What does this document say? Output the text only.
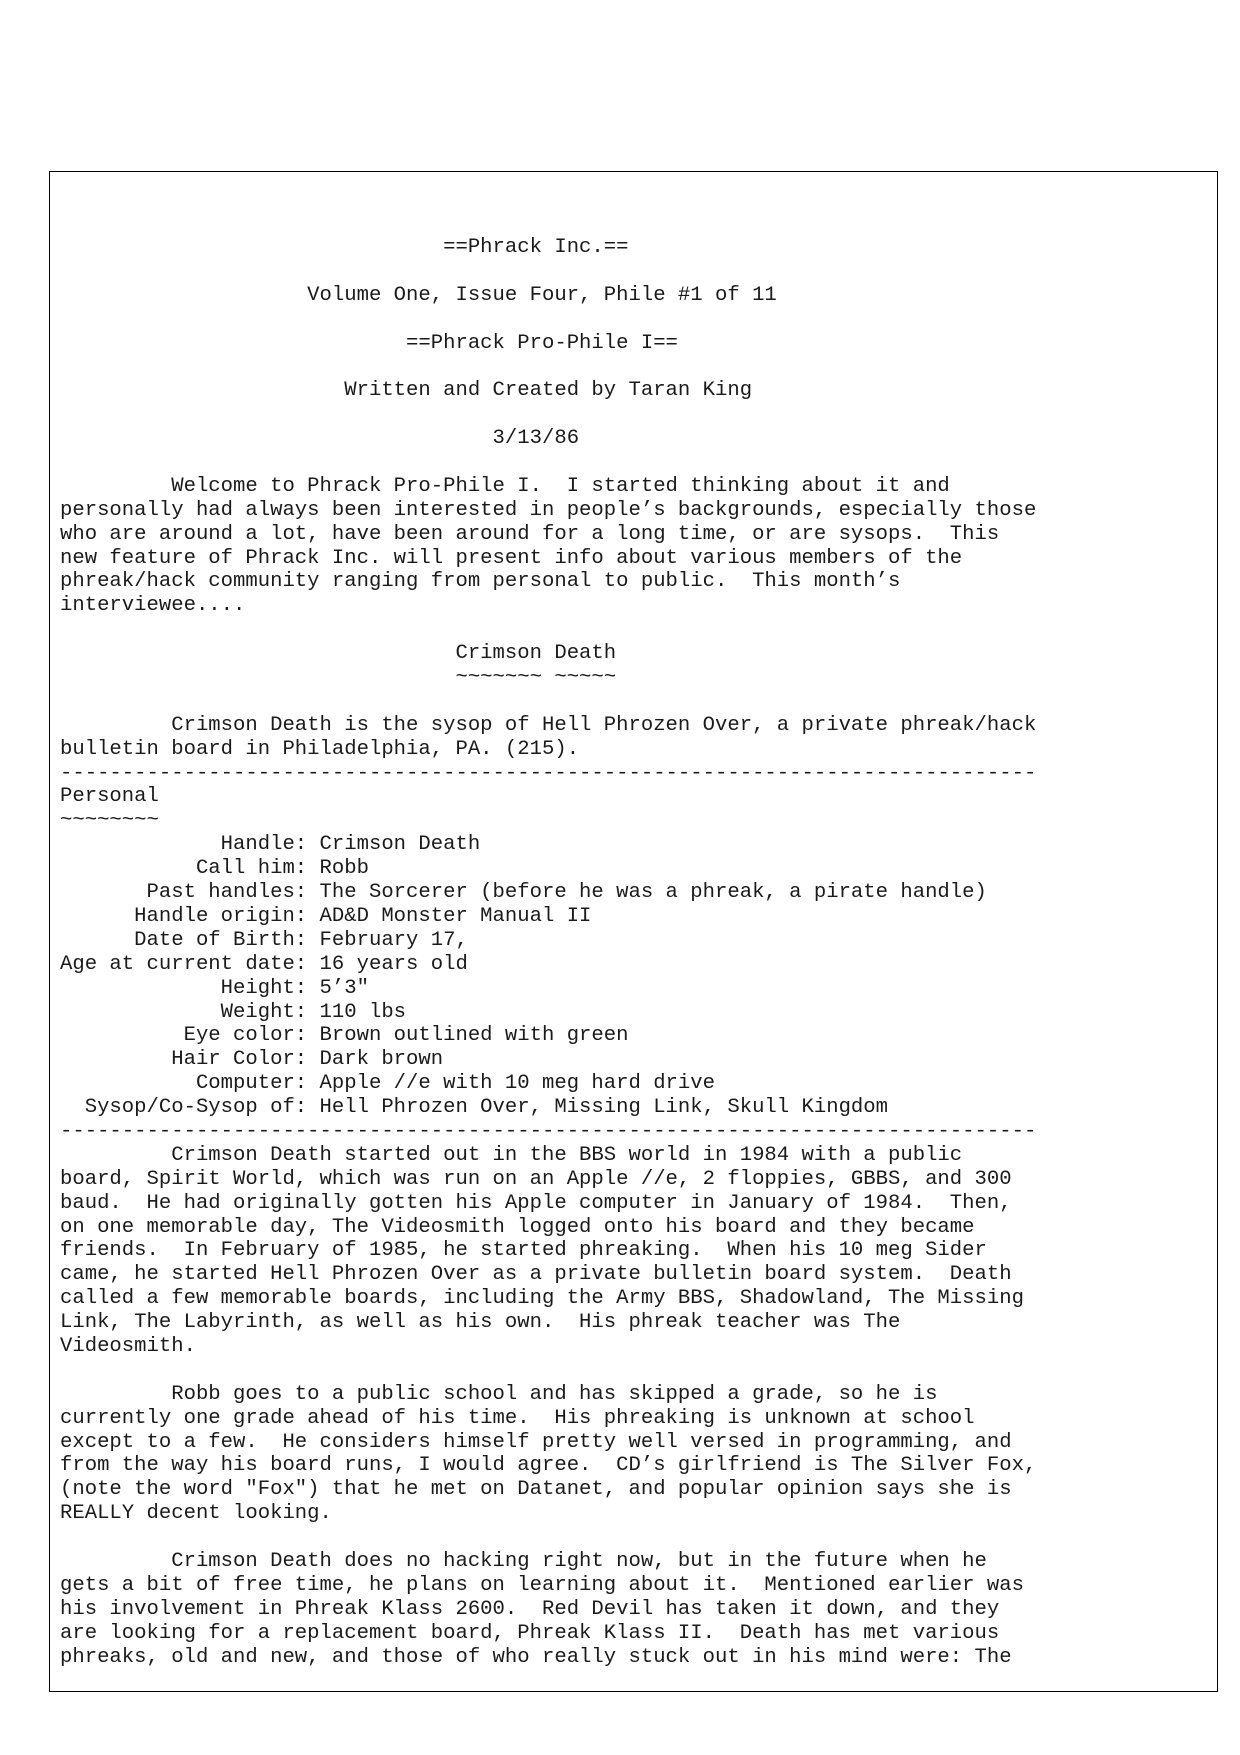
==Phrack Inc.==
Volume One, Issue Four, Phile #1 of 11
==Phrack Pro-Phile I==
Written and Created by Taran King
3/13/86
Welcome to Phrack Pro-Phile I.  I started thinking about it and
personally had always been interested in people’s backgrounds, especially those
who are around a lot, have been around for a long time, or are sysops.  This
new feature of Phrack Inc. will present info about various members of the
phreak/hack community ranging from personal to public.  This month’s
interviewee....
Crimson Death
~~~~~~~ ~~~~~
Crimson Death is the sysop of Hell Phrozen Over, a private phreak/hack
bulletin board in Philadelphia, PA. (215).
-------------------------------------------------------------------------------
Personal
~~~~~~~~
Handle: Crimson Death
Call him: Robb
Past handles: The Sorcerer (before he was a phreak, a pirate handle)
Handle origin: AD&D Monster Manual II
Date of Birth: February 17,
Age at current date: 16 years old
Height: 5’3"
Weight: 110 lbs
Eye color: Brown outlined with green
Hair Color: Dark brown
Computer: Apple //e with 10 meg hard drive
Sysop/Co-Sysop of: Hell Phrozen Over, Missing Link, Skull Kingdom
-------------------------------------------------------------------------------
Crimson Death started out in the BBS world in 1984 with a public
board, Spirit World, which was run on an Apple //e, 2 floppies, GBBS, and 300
baud.  He had originally gotten his Apple computer in January of 1984.  Then,
on one memorable day, The Videosmith logged onto his board and they became
friends.  In February of 1985, he started phreaking.  When his 10 meg Sider
came, he started Hell Phrozen Over as a private bulletin board system.  Death
called a few memorable boards, including the Army BBS, Shadowland, The Missing
Link, The Labyrinth, as well as his own.  His phreak teacher was The
Videosmith.
Robb goes to a public school and has skipped a grade, so he is
currently one grade ahead of his time.  His phreaking is unknown at school
except to a few.  He considers himself pretty well versed in programming, and
from the way his board runs, I would agree.  CD’s girlfriend is The Silver Fox,
(note the word "Fox") that he met on Datanet, and popular opinion says she is
REALLY decent looking.
Crimson Death does no hacking right now, but in the future when he
gets a bit of free time, he plans on learning about it.  Mentioned earlier was
his involvement in Phreak Klass 2600.  Red Devil has taken it down, and they
are looking for a replacement board, Phreak Klass II.  Death has met various
phreaks, old and new, and those of who really stuck out in his mind were: The
